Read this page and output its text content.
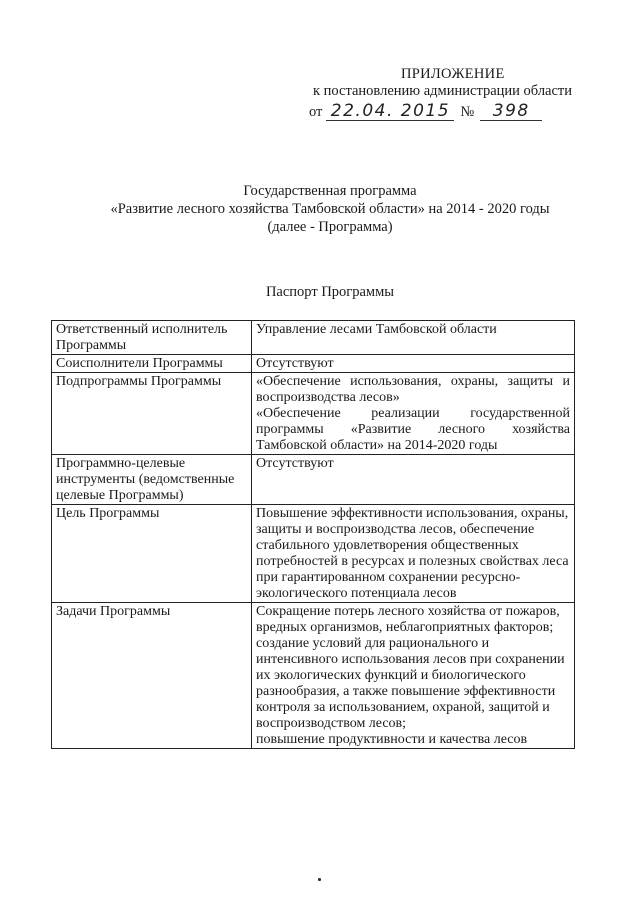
ПРИЛОЖЕНИЕ
к постановлению администрации области
от 22.04. 2015 №	398
Государственная программа
«Развитие лесного хозяйства Тамбовской области» на 2014 - 2020 годы
(далее - Программа)
Паспорт Программы
Ответственный исполнитель Программы	Управление лесами Тамбовской области

Соисполнители Программы	Отсутствуют

Подпрограммы Программы	«Обеспечение использования, охраны, защиты и воспроизводства лесов»
«Обеспечение реализации государственной программы «Развитие лесного хозяйства Тамбовской области» на 2014-2020 годы

Программно-целевые инструменты (ведомственные целевые Программы)	Отсутствуют

Цель Программы	Повышение эффективности использования, охраны, защиты и воспроизводства лесов, обеспечение стабильного удовлетворения общественных потребностей в ресурсах и полезных свойствах леса при гарантированном сохранении ресурсно-экологического потенциала лесов

Задачи Программы	Сокращение потерь лесного хозяйства от пожаров, вредных организмов, неблагоприятных факторов;
создание условий для рационального и интенсивного использования лесов при сохранении их экологических функций и биологического разнообразия, а также повышение эффективности контроля за использованием, охраной, защитой и воспроизводством лесов;
повышение продуктивности и качества лесов
